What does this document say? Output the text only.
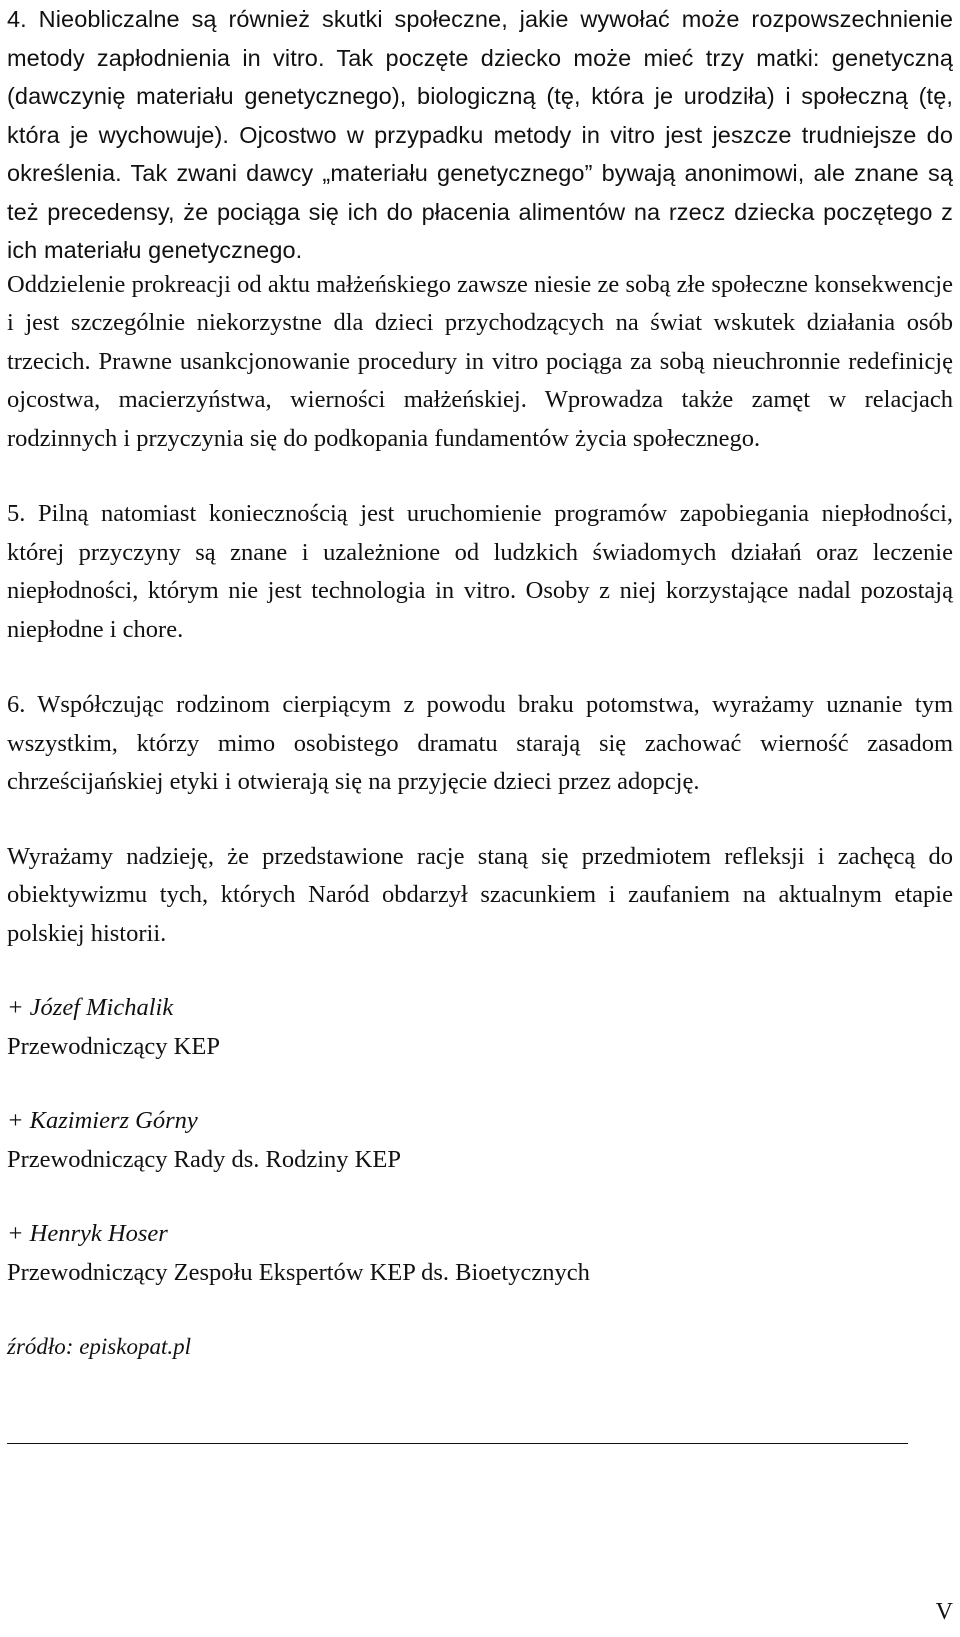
4. Nieobliczalne są również skutki społeczne, jakie wywołać może rozpowszechnienie metody zapłodnienia in vitro. Tak poczęte dziecko może mieć trzy matki: genetyczną (dawczynię materiału genetycznego), biologiczną (tę, która je urodziła) i społeczną (tę, która je wychowuje). Ojcostwo w przypadku metody in vitro jest jeszcze trudniejsze do określenia. Tak zwani dawcy „materiału genetycznego” bywają anonimowi, ale znane są też precedensy, że pociąga się ich do płacenia alimentów na rzecz dziecka poczętego z ich materiału genetycznego.

Oddzielenie prokreacji od aktu małżeńskiego zawsze niesie ze sobą złe społeczne konsekwencje i jest szczególnie niekorzystne dla dzieci przychodzących na świat wskutek działania osób trzecich. Prawne usankcjonowanie procedury in vitro pociąga za sobą nieuchronnie redefinicję ojcostwa, macierzyństwa, wierności małżeńskiej. Wprowadza także zamęt w relacjach rodzinnych i przyczynia się do podkopania fundamentów życia społecznego.

5. Pilną natomiast koniecznością jest uruchomienie programów zapobiegania niepłodności, której przyczyny są znane i uzależnione od ludzkich świadomych działań oraz leczenie niepłodności, którym nie jest technologia in vitro. Osoby z niej korzystające nadal pozostają niepłodne i chore.

6. Współczując rodzinom cierpiącym z powodu braku potomstwa, wyrażamy uznanie tym wszystkim, którzy mimo osobistego dramatu starają się zachować wierność zasadom chrześcijańskiej etyki i otwierają się na przyjęcie dzieci przez adopcję.

Wyrażamy nadzieję, że przedstawione racje staną się przedmiotem refleksji i zachęcą do obiektywizmu tych, których Naród obdarzył szacunkiem i zaufaniem na aktualnym etapie polskiej historii.

+ Józef Michalik

Przewodniczący KEP

+ Kazimierz Górny

Przewodniczący Rady ds. Rodziny KEP

+ Henryk Hoser

Przewodniczący Zespołu Ekspertów KEP ds. Bioetycznych

źródło: episkopat.pl

V
